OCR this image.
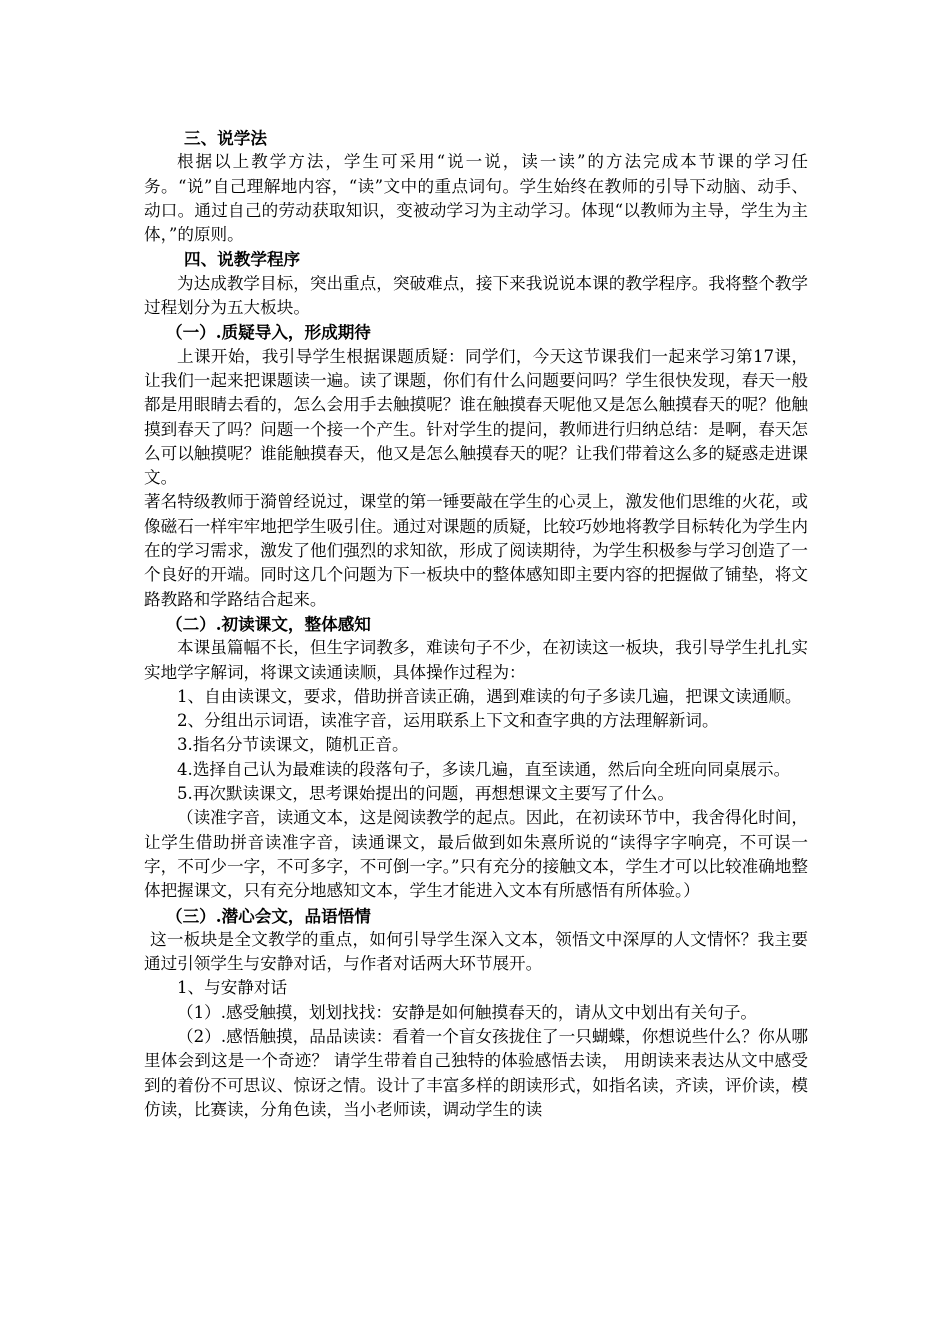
三、说学法

根据以上教学方法，学生可采用“说一说，读一读”的方法完成本节课的学习任务。“说”自己理解地内容，“读”文中的重点词句。学生始终在教师的引导下动脑、动手、动口。通过自己的劳动获取知识，变被动学习为主动学习。体现“以教师为主导，学生为主体，”的原则。

四、说教学程序

为达成教学目标，突出重点，突破难点，接下来我说说本课的教学程序。我将整个教学过程划分为五大板块。

（一）.质疑导入，形成期待

上课开始，我引导学生根据课题质疑：同学们，今天这节课我们一起来学习第17课，让我们一起来把课题读一遍。读了课题，你们有什么问题要问吗？学生很快发现，春天一般都是用眼睛去看的，怎么会用手去触摸呢？谁在触摸春天呢他又是怎么触摸春天的呢？他触摸到春天了吗？问题一个接一个产生。针对学生的提问，教师进行归纳总结：是啊，春天怎么可以触摸呢？谁能触摸春天，他又是怎么触摸春天的呢？让我们带着这么多的疑惑走进课文。

著名特级教师于漪曾经说过，课堂的第一锤要敲在学生的心灵上，激发他们思维的火花，或像磁石一样牢牢地把学生吸引住。通过对课题的质疑，比较巧妙地将教学目标转化为学生内在的学习需求，激发了他们强烈的求知欲，形成了阅读期待，为学生积极参与学习创造了一个良好的开端。同时这几个问题为下一板块中的整体感知即主要内容的把握做了铺垫，将文路教路和学路结合起来。

（二）.初读课文，整体感知

本课虽篇幅不长，但生字词教多，难读句子不少，在初读这一板块，我引导学生扎扎实实地学字解词，将课文读通读顺，具体操作过程为：

1、自由读课文，要求，借助拼音读正确，遇到难读的句子多读几遍，把课文读通顺。

2、分组出示词语，读准字音，运用联系上下文和查字典的方法理解新词。

3.指名分节读课文，随机正音。

4.选择自己认为最难读的段落句子，多读几遍，直至读通，然后向全班向同桌展示。

5.再次默读课文，思考课始提出的问题，再想想课文主要写了什么。

（读准字音，读通文本，这是阅读教学的起点。因此，在初读环节中，我舍得化时间，让学生借助拼音读准字音，读通课文，最后做到如朱熹所说的“读得字字响亮，不可误一字，不可少一字，不可多字，不可倒一字。”只有充分的接触文本，学生才可以比较准确地整体把握课文，只有充分地感知文本，学生才能进入文本有所感悟有所体验。）

（三）.潜心会文，品语悟情

这一板块是全文教学的重点，如何引导学生深入文本，领悟文中深厚的人文情怀？我主要通过引领学生与安静对话，与作者对话两大环节展开。

1、与安静对话

（1）.感受触摸，划划找找：安静是如何触摸春天的，请从文中划出有关句子。

（2）.感悟触摸，品品读读：看着一个盲女孩拢住了一只蝴蝶，你想说些什么？你从哪里体会到这是一个奇迹？ 请学生带着自己独特的体验感悟去读， 用朗读来表达从文中感受到的着份不可思议、惊讶之情。设计了丰富多样的朗读形式，如指名读，齐读，评价读，模仿读，比赛读，分角色读，当小老师读，调动学生的读
